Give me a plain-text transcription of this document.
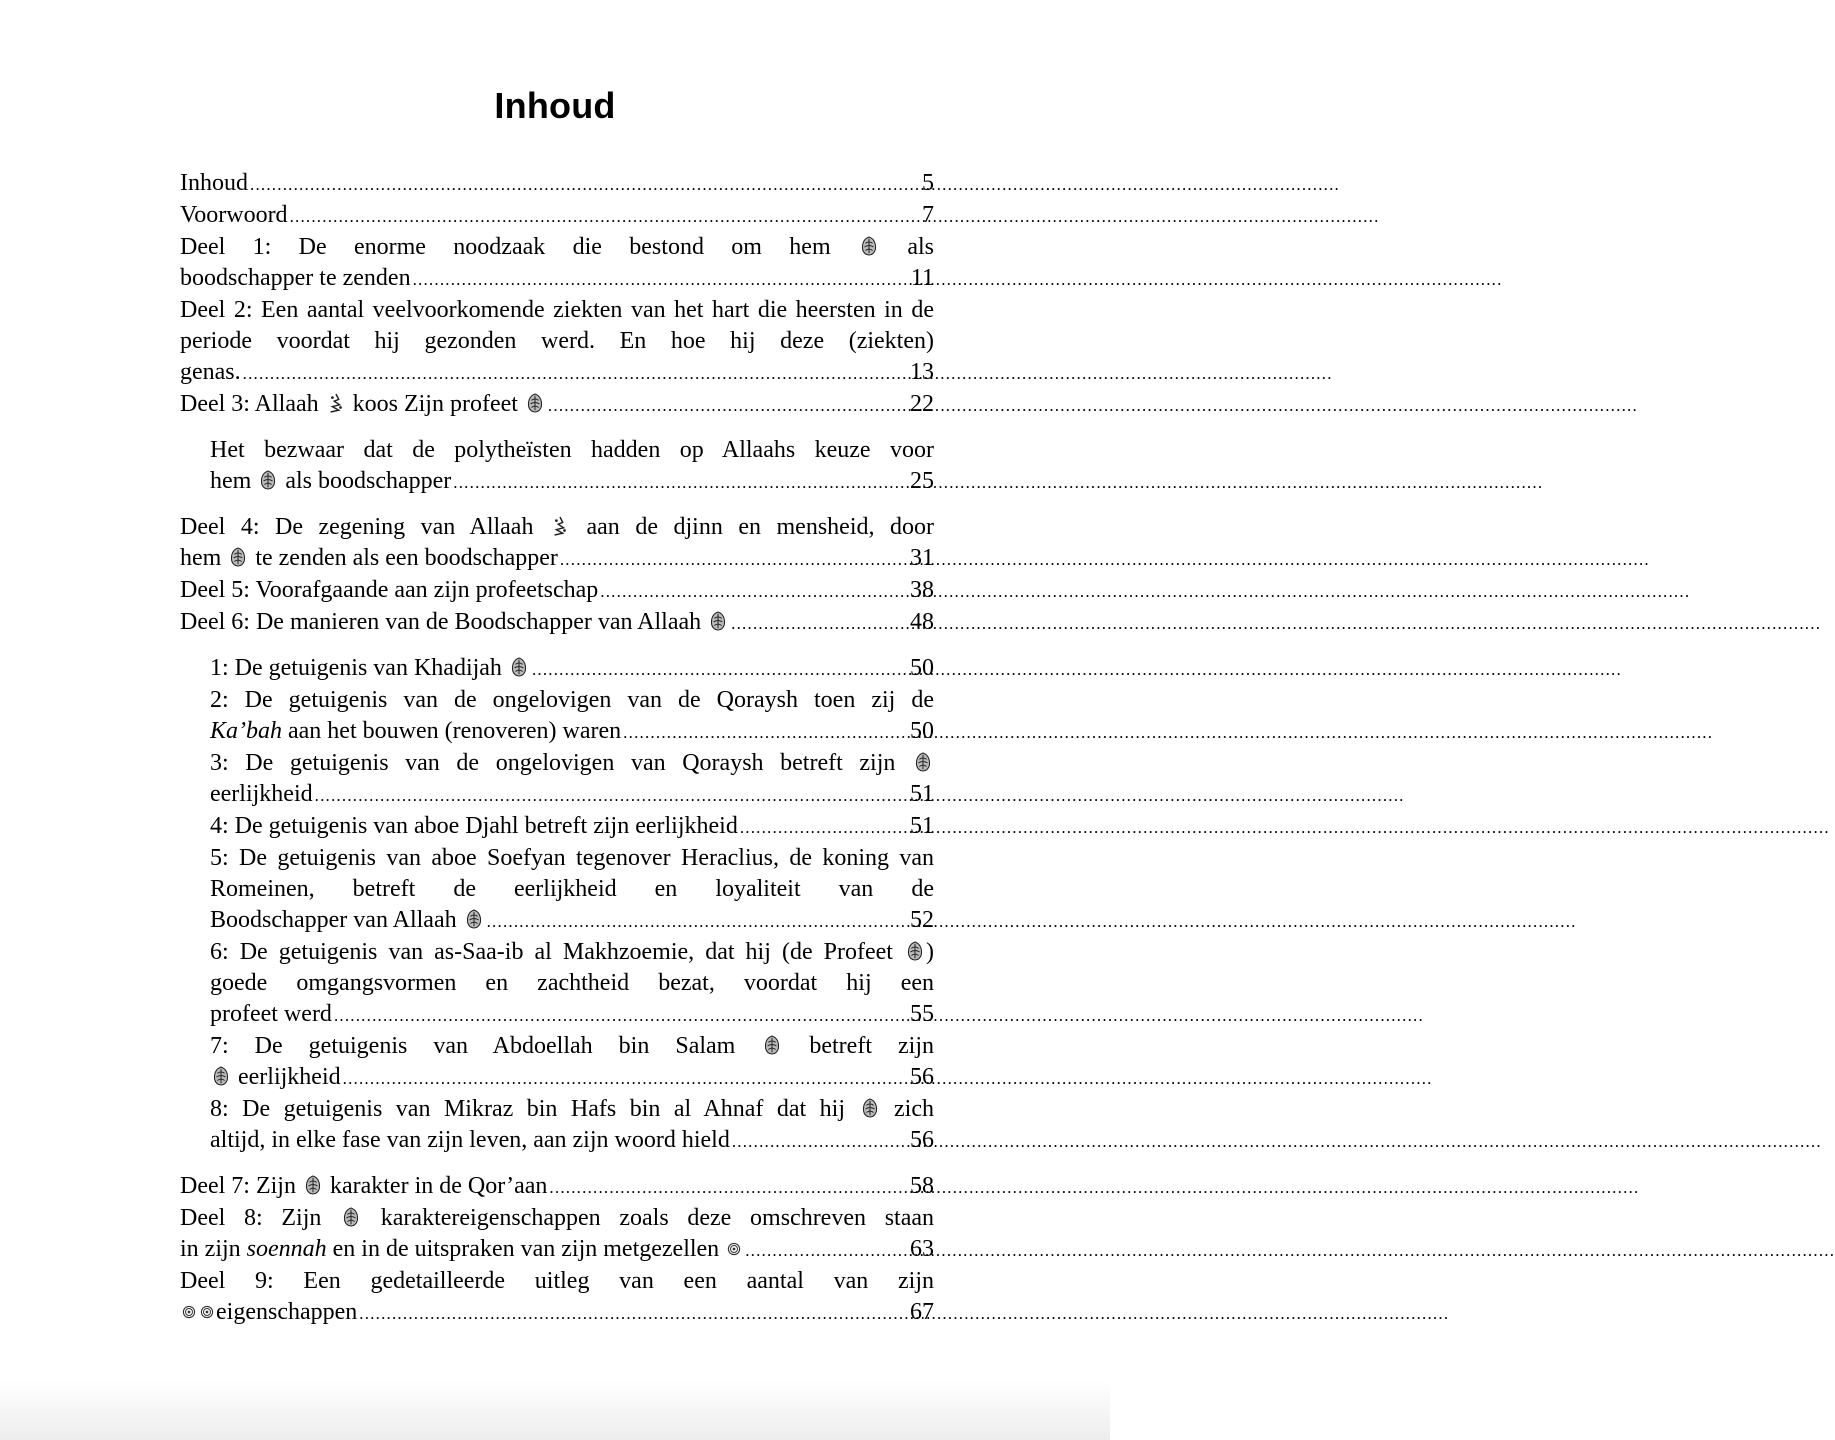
Inhoud
Inhoud .....	5
Voorwoord .....	7
Deel 1: De enorme noodzaak die bestond om hem
als
boodschapper te zenden .....	11
Deel 2: Een aantal veelvoorkomende ziekten van het hart die heersten in de periode voordat hij gezonden werd. En hoe hij deze (ziekten)
genas. .....	13
Deel 3: Allaah
koos Zijn profeet .....	22
Het bezwaar dat de polytheïsten hadden op Allaahs keuze voor
hem
als boodschapper .....	25
Deel 4: De zegening van Allaah
aan de djinn en mensheid, door
hem
te zenden als een boodschapper .....	31
Deel 5: Voorafgaande aan zijn profeetschap .....	38
Deel 6: De manieren van de Boodschapper van Allaah .....	48
1: De getuigenis van Khadijah .....	50
2: De getuigenis van de ongelovigen van de Qoraysh toen zij de
Ka’bah aan het bouwen (renoveren) waren .....	50
3: De getuigenis van de ongelovigen van Qoraysh betreft zijn
eerlijkheid .....	51
4: De getuigenis van aboe Djahl betreft zijn eerlijkheid .....	51
5: De getuigenis van aboe Soefyan tegenover Heraclius, de koning van Romeinen, betreft de eerlijkheid en loyaliteit van de
Boodschapper van Allaah .....	52
6: De getuigenis van as-Saa-ib al Makhzoemie, dat hij (de Profeet
) goede omgangsvormen en zachtheid bezat, voordat hij een
profeet werd .....	55
7: De getuigenis van Abdoellah bin Salam
betreft zijn
eerlijkheid .....	56
8: De getuigenis van Mikraz bin Hafs bin al Ahnaf dat hij
zich
altijd, in elke fase van zijn leven, aan zijn woord hield .....	56
Deel 7: Zijn
karakter in de Qor’aan .....	58
Deel 8: Zijn
karaktereigenschappen zoals deze omschreven staan
in zijn soennah en in de uitspraken van zijn metgezellen .....	63
Deel 9: Een gedetailleerde uitleg van een aantal van zijn
eigenschappen .....	67
